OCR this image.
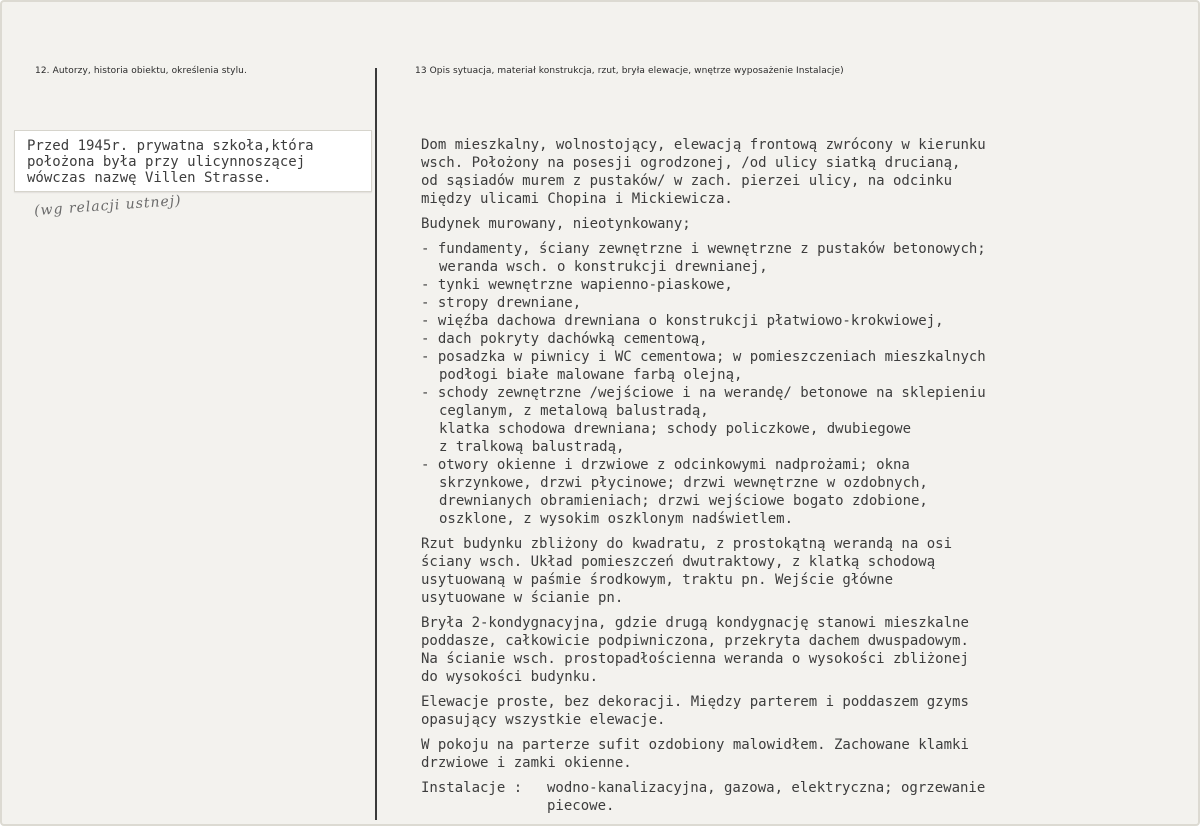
12. Autorzy, historia obiektu, określenia stylu.	13 Opis sytuacja, materiał konstrukcja, rzut, bryła elewacje, wnętrze wyposażenie Instalacje)
Przed 1945r. prywatna szkoła,która
położona była przy ulicynnoszącej
wówczas nazwę Villen Strasse.
(wg relacji ustnej)
Dom mieszkalny, wolnostojący, elewacją frontową zwrócony w kierunku
wsch. Położony na posesji ogrodzonej, /od ulicy siatką drucianą,
od sąsiadów murem z pustaków/ w zach. pierzei ulicy, na odcinku
między ulicami Chopina i Mickiewicza.
Budynek murowany, nieotynkowany;
- fundamenty, ściany zewnętrzne i wewnętrzne z pustaków betonowych;
weranda wsch. o konstrukcji drewnianej,
- tynki wewnętrzne wapienno-piaskowe,
- stropy drewniane,
- więźba dachowa drewniana o konstrukcji płatwiowo-krokwiowej,
- dach pokryty dachówką cementową,
- posadzka w piwnicy i WC cementowa; w pomieszczeniach mieszkalnych
podłogi białe malowane farbą olejną,
- schody zewnętrzne /wejściowe i na werandę/ betonowe na sklepieniu
ceglanym, z metalową balustradą,
klatka schodowa drewniana; schody policzkowe, dwubiegowe
z tralkową balustradą,
- otwory okienne i drzwiowe z odcinkowymi nadprożami; okna
skrzynkowe, drzwi płycinowe; drzwi wewnętrzne w ozdobnych,
drewnianych obramieniach; drzwi wejściowe bogato zdobione,
oszklone, z wysokim oszklonym nadświetlem.
Rzut budynku zbliżony do kwadratu, z prostokątną werandą na osi
ściany wsch. Układ pomieszczeń dwutraktowy, z klatką schodową
usytuowaną w paśmie środkowym, traktu pn. Wejście główne
usytuowane w ścianie pn.
Bryła 2-kondygnacyjna, gdzie drugą kondygnację stanowi mieszkalne
poddasze, całkowicie podpiwniczona, przekryta dachem dwuspadowym.
Na ścianie wsch. prostopadłościenna weranda o wysokości zbliżonej
do wysokości budynku.
Elewacje proste, bez dekoracji. Między parterem i poddaszem gzyms
opasujący wszystkie elewacje.
W pokoju na parterze sufit ozdobiony malowidłem. Zachowane klamki
drzwiowe i zamki okienne.
Instalacje :	wodno-kanalizacyjna, gazowa, elektryczna; ogrzewanie
piecowe.
